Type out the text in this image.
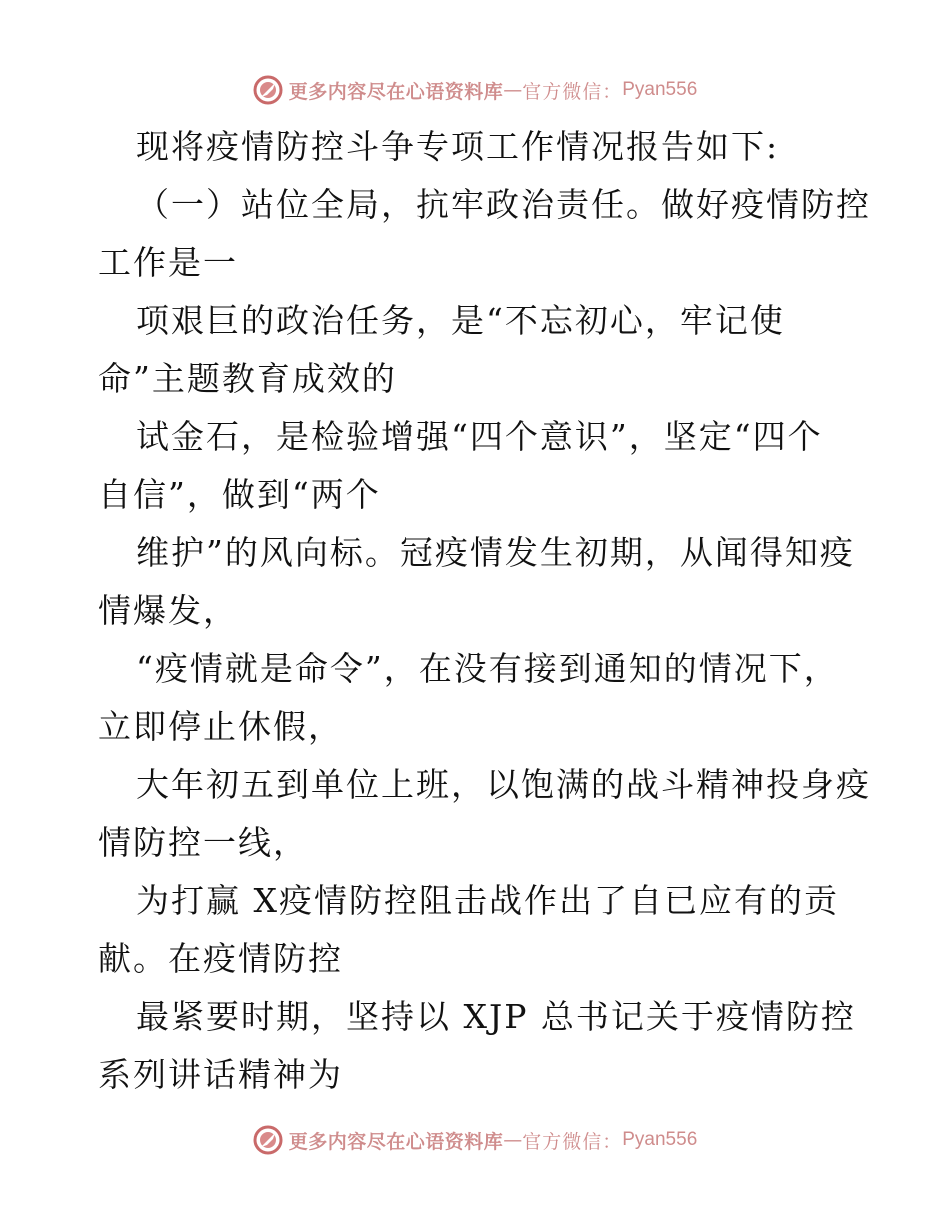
更多内容尽在心语资料库 — 官方微信： Pyan556
现将疫情防控斗争专项工作情况报告如下:
（一）站位全局，抗牢政治责任。做好疫情防控
工作是一
项艰巨的政治任务，是“不忘初心，牢记使
命”主题教育成效的
试金石，是检验增强“四个意识”，坚定“四个
自信”，做到“两个
维护”的风向标。冠疫情发生初期，从闻得知疫
情爆发，
“疫情就是命令”，在没有接到通知的情况下，
立即停止休假，
大年初五到单位上班，以饱满的战斗精神投身疫
情防控一线，
为打赢 X疫情防控阻击战作出了自已应有的贡
献。在疫情防控
最紧要时期，坚持以 XJP 总书记关于疫情防控
系列讲话精神为
更多内容尽在心语资料库 — 官方微信： Pyan556
